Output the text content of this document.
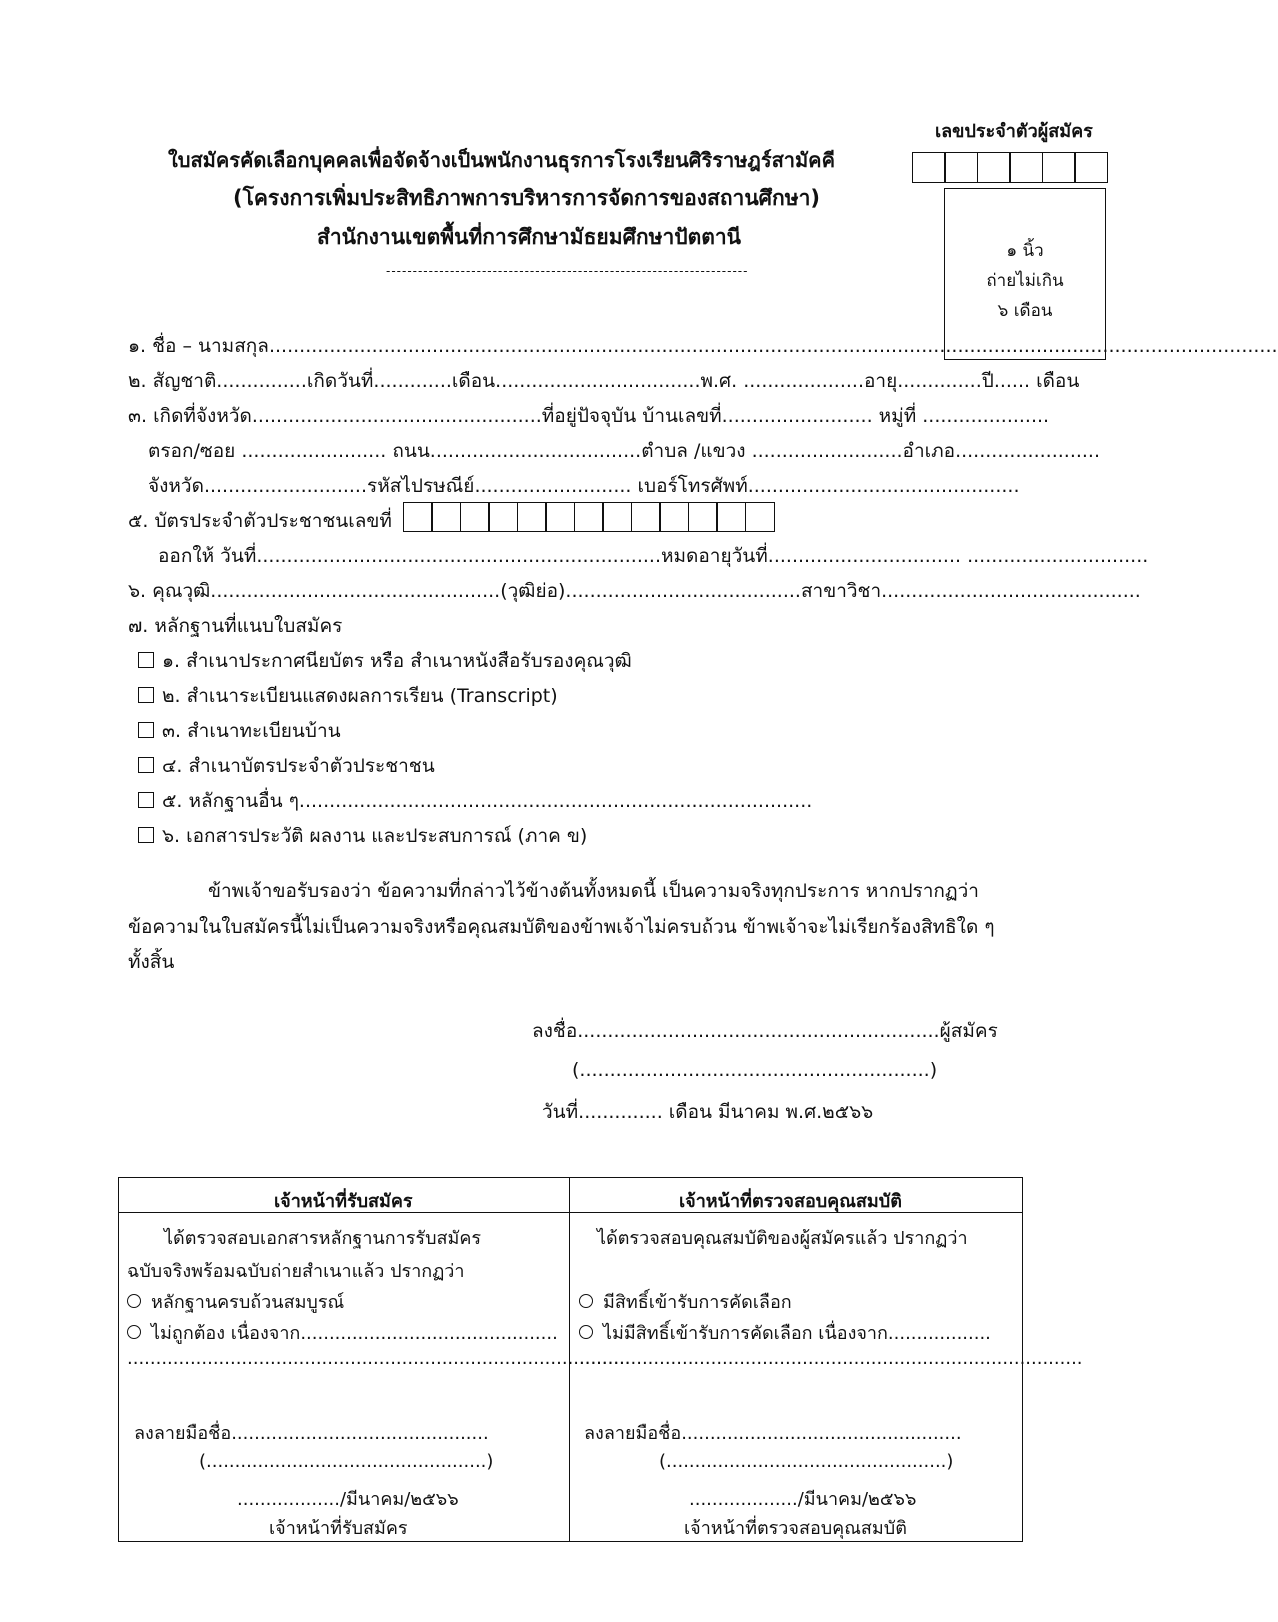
เลขประจำตัวผู้สมัคร
ใบสมัครคัดเลือกบุคคลเพื่อจัดจ้างเป็นพนักงานธุรการโรงเรียนศิริราษฎร์สามัคคี
(โครงการเพิ่มประสิทธิภาพการบริหารการจัดการของสถานศึกษา)
สำนักงานเขตพื้นที่การศึกษามัธยมศึกษาปัตตานี
--------------------------------------------------------------------
๑ นิ้ว
ถ่ายไม่เกิน
๖ เดือน
๑. ชื่อ – นามสกุล.......................................................................................................................................................................
๒. สัญชาติ...............เกิดวันที่.............เดือน..................................พ.ศ. ....................อายุ..............ปี...... เดือน
๓. เกิดที่จังหวัด................................................ที่อยู่ปัจจุบัน บ้านเลขที่......................... หมู่ที่ .....................
ตรอก/ซอย ........................ ถนน...................................ตำบล /แขวง .........................อำเภอ........................
จังหวัด...........................รหัสไปรษณีย์.......................... เบอร์โทรศัพท์.............................................
๕. บัตรประจำตัวประชาชนเลขที่
ออกให้ วันที่...................................................................หมดอายุวันที่................................ ..............................
๖. คุณวุฒิ................................................(วุฒิย่อ).......................................สาขาวิชา...........................................
๗. หลักฐานที่แนบใบสมัคร
๑. สำเนาประกาศนียบัตร หรือ สำเนาหนังสือรับรองคุณวุฒิ
๒. สำเนาระเบียนแสดงผลการเรียน (Transcript)
๓. สำเนาทะเบียนบ้าน
๔. สำเนาบัตรประจำตัวประชาชน
๕. หลักฐานอื่น ๆ.....................................................................................
๖. เอกสารประวัติ ผลงาน และประสบการณ์ (ภาค ข)
ข้าพเจ้าขอรับรองว่า ข้อความที่กล่าวไว้ข้างต้นทั้งหมดนี้ เป็นความจริงทุกประการ หากปรากฏว่า
ข้อความในใบสมัครนี้ไม่เป็นความจริงหรือคุณสมบัติของข้าพเจ้าไม่ครบถ้วน ข้าพเจ้าจะไม่เรียกร้องสิทธิใด ๆ
ทั้งสิ้น
ลงชื่อ............................................................ผู้สมัคร
(..........................................................)
วันที่.............. เดือน มีนาคม พ.ศ.๒๕๖๖
เจ้าหน้าที่รับสมัคร	เจ้าหน้าที่ตรวจสอบคุณสมบัติ
ได้ตรวจสอบเอกสารหลักฐานการรับสมัคร
ฉบับจริงพร้อมฉบับถ่ายสำเนาแล้ว ปรากฏว่า
หลักฐานครบถ้วนสมบูรณ์
ไม่ถูกต้อง เนื่องจาก.............................................
........................................................................................
ลงลายมือชื่อ.............................................
(.................................................)
................../มีนาคม/๒๕๖๖
เจ้าหน้าที่รับสมัคร
ได้ตรวจสอบคุณสมบัติของผู้สมัครแล้ว ปรากฏว่า
มีสิทธิ์เข้ารับการคัดเลือก
ไม่มีสิทธิ์เข้ารับการคัดเลือก เนื่องจาก..................
........................................................................................
ลงลายมือชื่อ.................................................
(.................................................)
.................../มีนาคม/๒๕๖๖
เจ้าหน้าที่ตรวจสอบคุณสมบัติ
